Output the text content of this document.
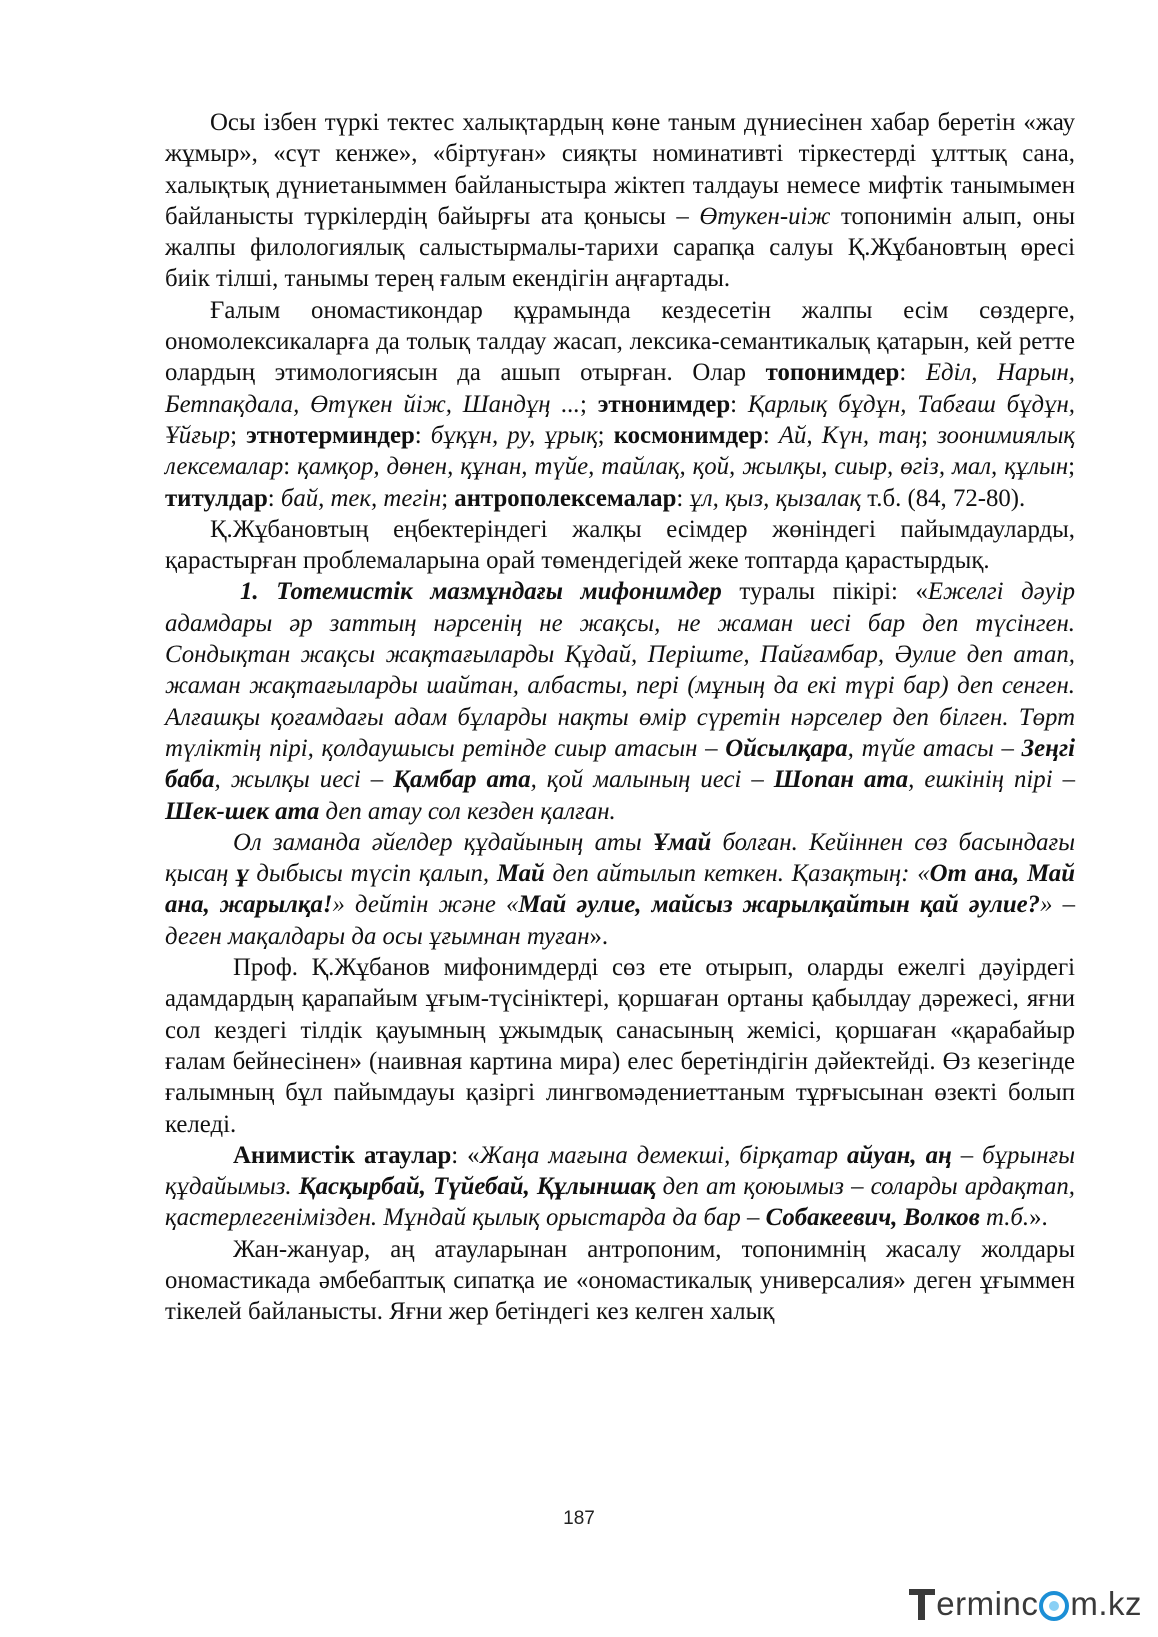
Осы ізбен түркі тектес халықтардың көне таным дүниесінен хабар беретін «жау жұмыр», «сүт кенже», «біртуған» сияқты номинативті тіркестерді ұлттық сана, халықтық дүниетаныммен байланыстыра жіктеп талдауы немесе мифтік танымымен байланысты түркілердің байырғы ата қонысы – Өтукен-иіж топонимін алып, оны жалпы филологиялық салыстырмалы-тарихи сарапқа салуы Қ.Жұбановтың өресі биік тілші, танымы терең ғалым екендігін аңғартады.

Ғалым ономастикондар құрамында кездесетін жалпы есім сөздерге, ономолексикаларға да толық талдау жасап, лексика-семантикалық қатарын, кей ретте олардың этимологиясын да ашып отырған. Олар топонимдер: Еділ, Нарын, Бетпақдала, Өтүкен йіж, Шандұң ...; этнонимдер: Қарлық бұдұн, Табғаш бұдұн, Ұйғыр; этнотерминдер: бұқұн, ру, ұрық; космонимдер: Ай, Күн, таң; зоонимиялық лексемалар: қамқор, дөнен, құнан, түйе, тайлақ, қой, жылқы, сиыр, өгіз, мал, құлын; титулдар: бай, тек, тегін; антрополексемалар: ұл, қыз, қызалақ т.б. (84, 72-80).

Қ.Жұбановтың еңбектеріндегі жалқы есімдер жөніндегі пайымдауларды, қарастырған проблемаларына орай төмендегідей жеке топтарда қарастырдық.

1. Тотемистік мазмұндағы мифонимдер туралы пікірі: «Ежелгі дәуір адамдары әр заттың нәрсенің не жақсы, не жаман иесі бар деп түсінген. Сондықтан жақсы жақтағыларды Құдай, Періште, Пайғамбар, Әулие деп атап, жаман жақтағыларды шайтан, албасты, пері (мұның да екі түрі бар) деп сенген. Алғашқы қоғамдағы адам бұларды нақты өмір сүретін нәрселер деп білген. Төрт түліктің пірі, қолдаушысы ретінде сиыр атасын – Ойсылқара, түйе атасы – Зеңгі баба, жылқы иесі – Қамбар ата, қой малының иесі – Шопан ата, ешкінің пірі – Шек-шек ата деп атау сол кезден қалған.

Ол заманда әйелдер құдайының аты Ұмай болған. Кейіннен сөз басындағы қысаң ұ дыбысы түсіп қалып, Май деп айтылып кеткен. Қазақтың: «От ана, Май ана, жарылқа!» дейтін және «Май әулие, майсыз жарылқайтын қай әулие?» – деген мақалдары да осы ұғымнан туған».

Проф. Қ.Жұбанов мифонимдерді сөз ете отырып, оларды ежелгі дәуірдегі адамдардың қарапайым ұғым-түсініктері, қоршаған ортаны қабылдау дәрежесі, яғни сол кездегі тілдік қауымның ұжымдық санасының жемісі, қоршаған «қарабайыр ғалам бейнесінен» (наивная картина мира) елес беретіндігін дәйектейді. Өз кезегінде ғалымның бұл пайымдауы қазіргі лингвомәдениеттаным тұрғысынан өзекті болып келеді.

Анимистік атаулар: «Жаңа мағына демекші, бірқатар айуан, аң – бұрынғы құдайымыз. Қасқырбай, Түйебай, Құлыншақ деп ат қоюымыз – соларды ардақтап, қастерлегенімізден. Мұндай қылық орыстарда да бар – Собакеевич, Волков т.б.».

Жан-жануар, аң атауларынан антропоним, топонимнің жасалу жолдары ономастикада әмбебаптық сипатқа ие «ономастикалық универсалия» деген ұғыммен тікелей байланысты. Яғни жер бетіндегі кез келген халық

187
ermin c m.kz
